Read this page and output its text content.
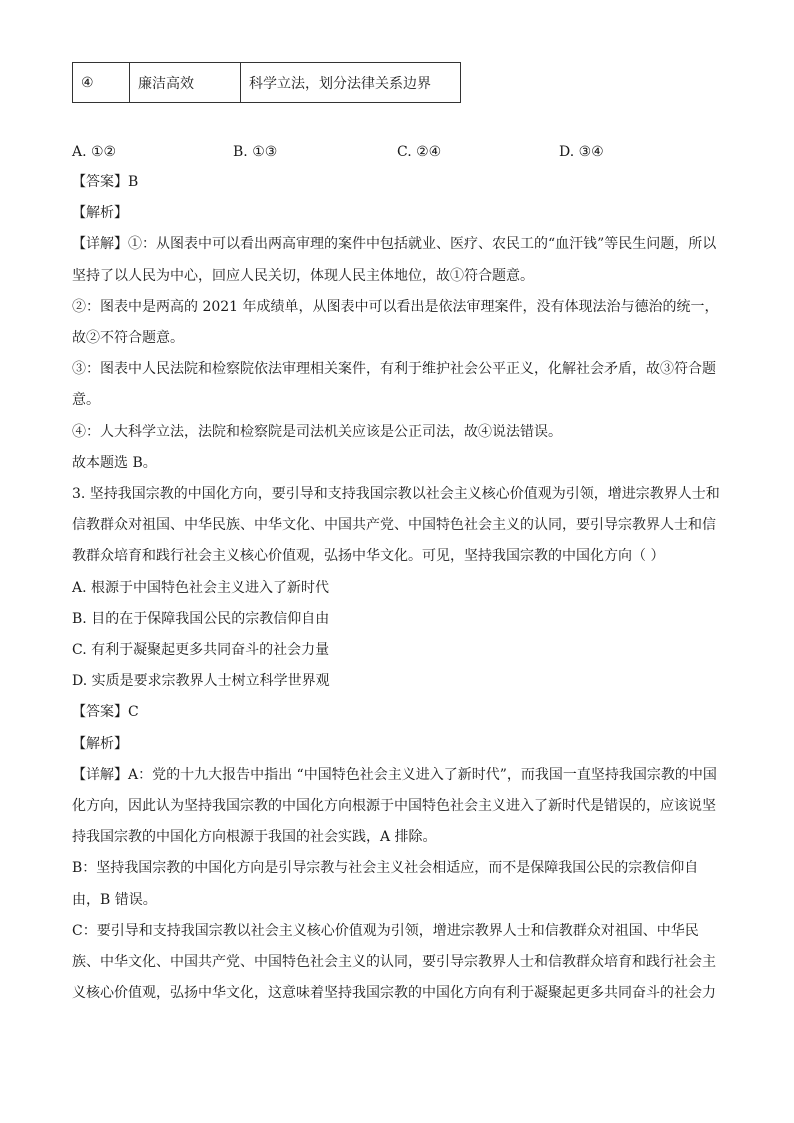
④	廉洁高效	科学立法，划分法律关系边界
A. ①②	B. ①③	C. ②④	D. ③④
【答案】B
【解析】
【详解】①：从图表中可以看出两高审理的案件中包括就业、医疗、农民工的“血汗钱”等民生问题，所以
坚持了以人民为中心，回应人民关切，体现人民主体地位，故①符合题意。
②：图表中是两高的 2021 年成绩单，从图表中可以看出是依法审理案件，没有体现法治与德治的统一，
故②不符合题意。
③：图表中人民法院和检察院依法审理相关案件，有利于维护社会公平正义，化解社会矛盾，故③符合题
意。
④：人大科学立法，法院和检察院是司法机关应该是公正司法，故④说法错误。
故本题选 B。
3. 坚持我国宗教的中国化方向，要引导和支持我国宗教以社会主义核心价值观为引领，增进宗教界人士和
信教群众对祖国、中华民族、中华文化、中国共产党、中国特色社会主义的认同，要引导宗教界人士和信
教群众培育和践行社会主义核心价值观，弘扬中华文化。可见，坚持我国宗教的中国化方向（ ）
A. 根源于中国特色社会主义进入了新时代
B. 目的在于保障我国公民的宗教信仰自由
C. 有利于凝聚起更多共同奋斗的社会力量
D. 实质是要求宗教界人士树立科学世界观
【答案】C
【解析】
【详解】A：党的十九大报告中指出 “中国特色社会主义进入了新时代”，而我国一直坚持我国宗教的中国
化方向，因此认为坚持我国宗教的中国化方向根源于中国特色社会主义进入了新时代是错误的，应该说坚
持我国宗教的中国化方向根源于我国的社会实践，A 排除。
B：坚持我国宗教的中国化方向是引导宗教与社会主义社会相适应，而不是保障我国公民的宗教信仰自
由，B 错误。
C：要引导和支持我国宗教以社会主义核心价值观为引领，增进宗教界人士和信教群众对祖国、中华民
族、中华文化、中国共产党、中国特色社会主义的认同，要引导宗教界人士和信教群众培育和践行社会主
义核心价值观，弘扬中华文化，这意味着坚持我国宗教的中国化方向有利于凝聚起更多共同奋斗的社会力
